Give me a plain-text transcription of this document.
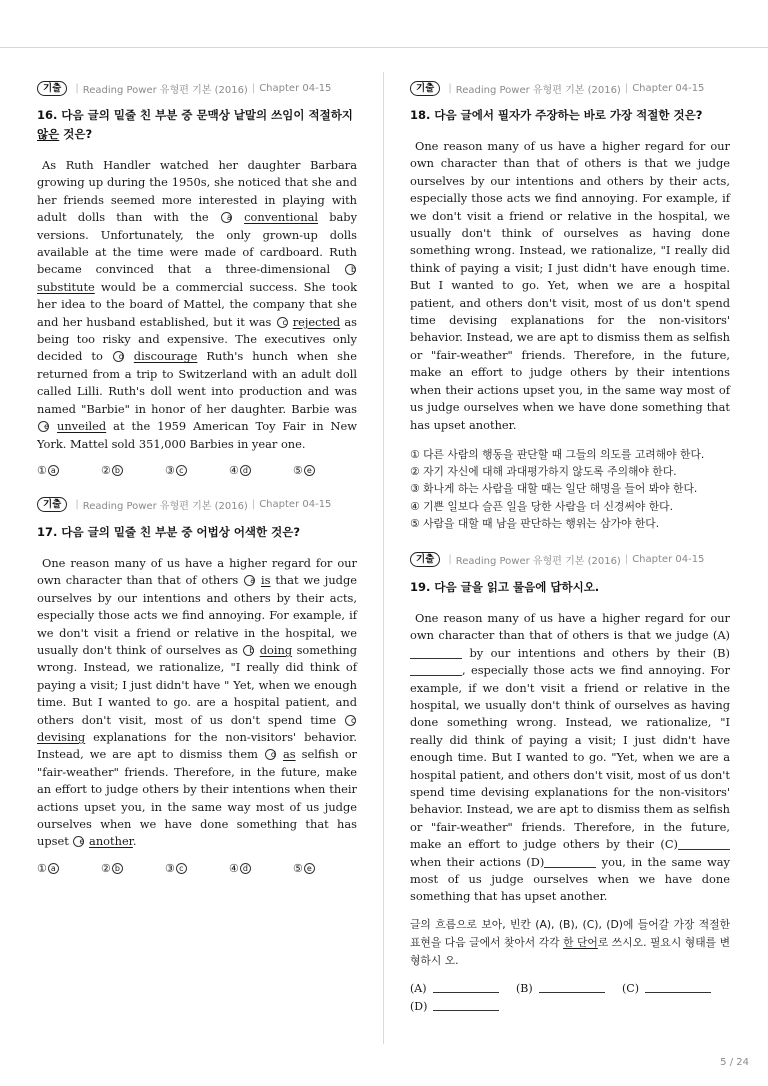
기출	| Reading Power 유형편 기본 (2016) | Chapter 04-15
16. 다음 글의 밑줄 친 부분 중 문맥상 낱말의 쓰임이 적절하지 않은 것은?
As Ruth Handler watched her daughter Barbara growing up during the 1950s, she noticed that she and her friends seemed more interested in playing with adult dolls than with the a conventional baby versions. Unfortunately, the only grown-up dolls available at the time were made of cardboard. Ruth became convinced that a three-dimensional b substitute would be a commercial success. She took her idea to the board of Mattel, the company that she and her husband established, but it was c rejected as being too risky and expensive. The executives only decided to d discourage Ruth's hunch when she returned from a trip to Switzerland with an adult doll called Lilli. Ruth's doll went into production and was named "Barbie" in honor of her daughter. Barbie was e unveiled at the 1959 American Toy Fair in New York. Mattel sold 351,000 Barbies in year one.
① a	② b	③ c	④ d	⑤ e
기출	| Reading Power 유형편 기본 (2016) | Chapter 04-15
17. 다음 글의 밑줄 친 부분 중 어법상 어색한 것은?
One reason many of us have a higher regard for our own character than that of others a is that we judge ourselves by our intentions and others by their acts, especially those acts we find annoying. For example, if we don't visit a friend or relative in the hospital, we usually don't think of ourselves as b doing something wrong. Instead, we rationalize, "I really did think of paying a visit; I just didn't have " Yet, when we enough time. But I wanted to go. are a hospital patient, and others don't visit, most of us don't spend time c devising explanations for the non-visitors' behavior. Instead, we are apt to dismiss them d as selfish or "fair-weather" friends. Therefore, in the future, make an effort to judge others by their intentions when their actions upset you, in the same way most of us judge ourselves when we have done something that has upset e another.
① a	② b	③ c	④ d	⑤ e
기출	| Reading Power 유형편 기본 (2016) | Chapter 04-15
18. 다음 글에서 필자가 주장하는 바로 가장 적절한 것은?
One reason many of us have a higher regard for our own character than that of others is that we judge ourselves by our intentions and others by their acts, especially those acts we find annoying. For example, if we don't visit a friend or relative in the hospital, we usually don't think of ourselves as having done something wrong. Instead, we rationalize, "I really did think of paying a visit; I just didn't have enough time. But I wanted to go. Yet, when we are a hospital patient, and others don't visit, most of us don't spend time devising explanations for the non-visitors' behavior. Instead, we are apt to dismiss them as selfish or "fair-weather" friends. Therefore, in the future, make an effort to judge others by their intentions when their actions upset you, in the same way most of us judge ourselves when we have done something that has upset another.
① 다른 사람의 행동을 판단할 때 그들의 의도를 고려해야 한다.
② 자기 자신에 대해 과대평가하지 않도록 주의해야 한다.
③ 화나게 하는 사람을 대할 때는 일단 해명을 들어 봐야 한다.
④ 기쁜 일보다 슬픈 일을 당한 사람을 더 신경써야 한다.
⑤ 사람을 대할 때 남을 판단하는 행위는 삼가야 한다.
기출	| Reading Power 유형편 기본 (2016) | Chapter 04-15
19. 다음 글을 읽고 물음에 답하시오.
One reason many of us have a higher regard for our own character than that of others is that we judge (A) by our intentions and others by their (B), especially those acts we find annoying. For example, if we don't visit a friend or relative in the hospital, we usually don't think of ourselves as having done something wrong. Instead, we rationalize, "I really did think of paying a visit; I just didn't have enough time. But I wanted to go. "Yet, when we are a hospital patient, and others don't visit, most of us don't spend time devising explanations for the non-visitors' behavior. Instead, we are apt to dismiss them as selfish or "fair-weather" friends. Therefore, in the future, make an effort to judge others by their (C) when their actions (D)	you, in the same way most of us judge ourselves when we have done something that has upset another.
글의 흐름으로 보아, 빈칸 (A), (B), (C), (D)에 들어갈 가장 적절한 표현을 다음 글에서 찾아서 각각 한 단어로 쓰시오. 필요시 형태를 변형하시 오.
(A)	(B)	(C)
(D)
5 / 24
